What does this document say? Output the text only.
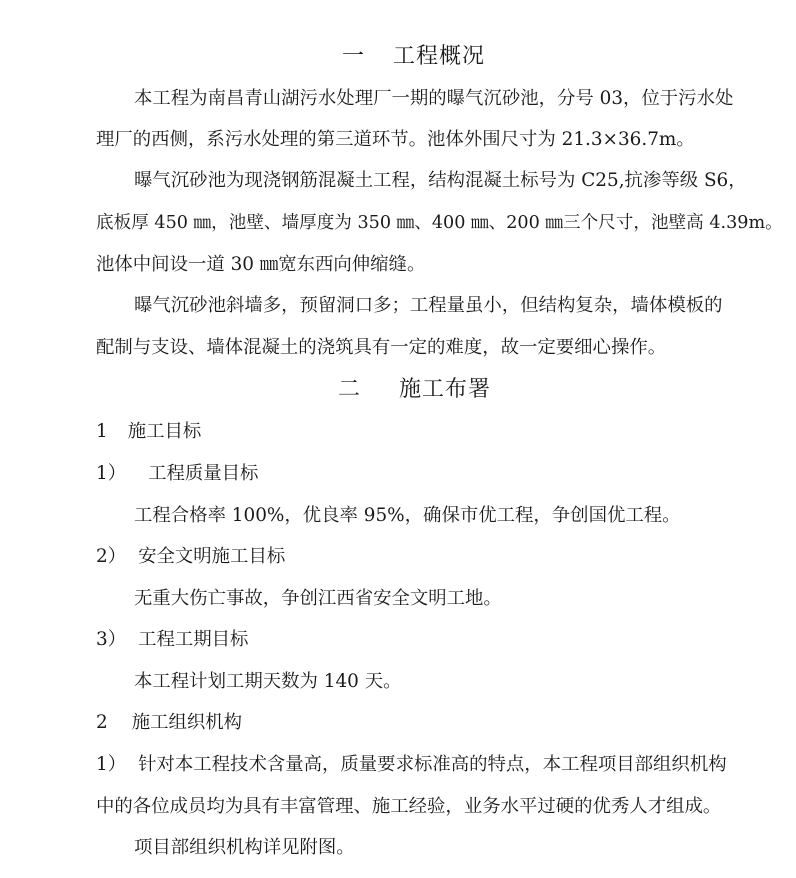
一 工程概况
本工程为南昌青山湖污水处理厂一期的曝气沉砂池，分号 03，位于污水处
理厂的西侧，系污水处理的第三道环节。池体外围尺寸为 21.3×36.7m。
曝气沉砂池为现浇钢筋混凝土工程，结构混凝土标号为 C25,抗渗等级 S6，
底板厚 450 ㎜，池壁、墙厚度为 350 ㎜、400 ㎜、200 ㎜三个尺寸，池壁高 4.39m。
池体中间设一道 30 ㎜宽东西向伸缩缝。
曝气沉砂池斜墙多，预留洞口多；工程量虽小，但结构复杂，墙体模板的
配制与支设、墙体混凝土的浇筑具有一定的难度，故一定要细心操作。
二 施工布署
1 施工目标
1） 工程质量目标
工程合格率 100%，优良率 95%，确保市优工程，争创国优工程。
2） 安全文明施工目标
无重大伤亡事故，争创江西省安全文明工地。
3） 工程工期目标
本工程计划工期天数为 140 天。
2 施工组织机构
1） 针对本工程技术含量高，质量要求标准高的特点，本工程项目部组织机构
中的各位成员均为具有丰富管理、施工经验，业务水平过硬的优秀人才组成。
项目部组织机构详见附图。
